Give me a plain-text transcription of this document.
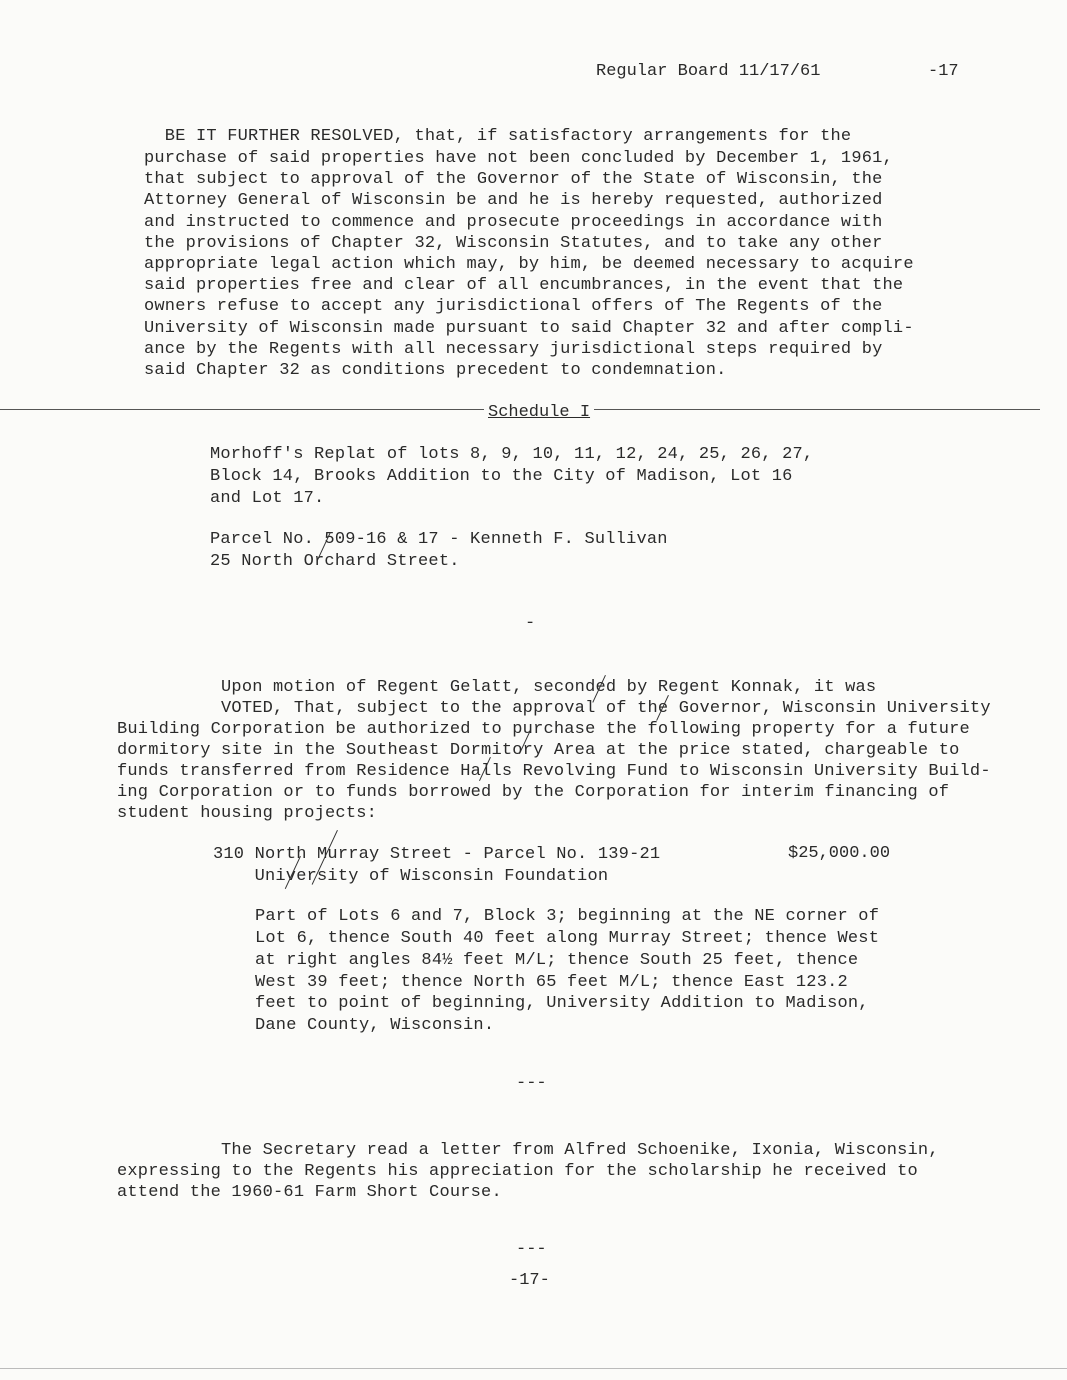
Regular Board 11/17/61	-17
BE IT FURTHER RESOLVED, that, if satisfactory arrangements for the
purchase of said properties have not been concluded by December 1, 1961,
that subject to approval of the Governor of the State of Wisconsin, the
Attorney General of Wisconsin be and he is hereby requested, authorized
and instructed to commence and prosecute proceedings in accordance with
the provisions of Chapter 32, Wisconsin Statutes, and to take any other
appropriate legal action which may, by him, be deemed necessary to acquire
said properties free and clear of all encumbrances, in the event that the
owners refuse to accept any jurisdictional offers of The Regents of the
University of Wisconsin made pursuant to said Chapter 32 and after compli-
ance by the Regents with all necessary jurisdictional steps required by
said Chapter 32 as conditions precedent to condemnation.
Schedule I
Morhoff's Replat of lots 8, 9, 10, 11, 12, 24, 25, 26, 27,
Block 14, Brooks Addition to the City of Madison, Lot 16
and Lot 17.
Parcel No. 509-16 & 17 - Kenneth F. Sullivan
25 North Orchard Street.
-
Upon motion of Regent Gelatt, seconded by Regent Konnak, it was
VOTED, That, subject to the approval of the Governor, Wisconsin University
Building Corporation be authorized to purchase the following property for a future
dormitory site in the Southeast Dormitory Area at the price stated, chargeable to
funds transferred from Residence Halls Revolving Fund to Wisconsin University Build-
ing Corporation or to funds borrowed by the Corporation for interim financing of
student housing projects:
310 North Murray Street - Parcel No. 139-21
University of Wisconsin Foundation
$25,000.00
Part of Lots 6 and 7, Block 3; beginning at the NE corner of
Lot 6, thence South 40 feet along Murray Street; thence West
at right angles 84½ feet M/L; thence South 25 feet, thence
West 39 feet; thence North 65 feet M/L; thence East 123.2
feet to point of beginning, University Addition to Madison,
Dane County, Wisconsin.
---
The Secretary read a letter from Alfred Schoenike, Ixonia, Wisconsin,
expressing to the Regents his appreciation for the scholarship he received to
attend the 1960-61 Farm Short Course.
---
-17-
